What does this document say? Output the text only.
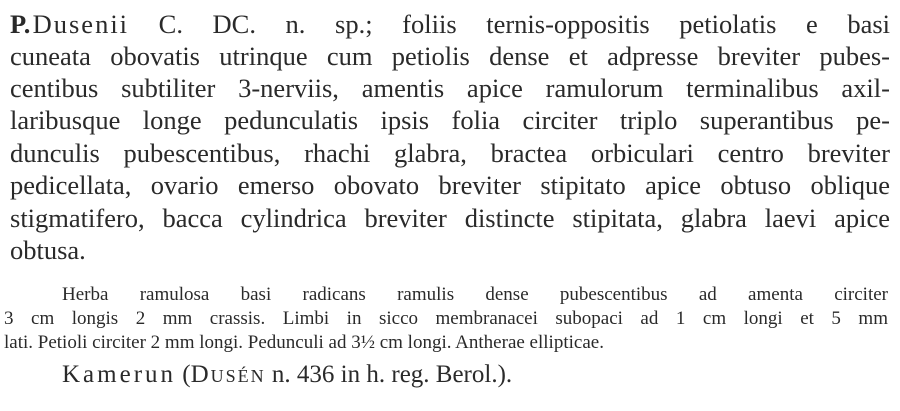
P. Dusenii C. DC. n. sp.; foliis ternis-oppositis petiolatis e basi
cuneata obovatis utrinque cum petiolis dense et adpresse breviter pubes-
centibus subtiliter 3-nerviis, amentis apice ramulorum terminalibus axil-
laribusque longe pedunculatis ipsis folia circiter triplo superantibus pe-
dunculis pubescentibus, rhachi glabra, bractea orbiculari centro breviter
pedicellata, ovario emerso obovato breviter stipitato apice obtuso oblique
stigmatifero, bacca cylindrica breviter distincte stipitata, glabra laevi apice
obtusa.
Herba ramulosa basi radicans ramulis dense pubescentibus ad amenta circiter
3 cm longis 2 mm crassis. Limbi in sicco membranacei subopaci ad 1 cm longi et 5 mm
lati. Petioli circiter 2 mm longi. Pedunculi ad 3½ cm longi. Antherae ellipticae.
Kamerun (Dusén n. 436 in h. reg. Berol.).
